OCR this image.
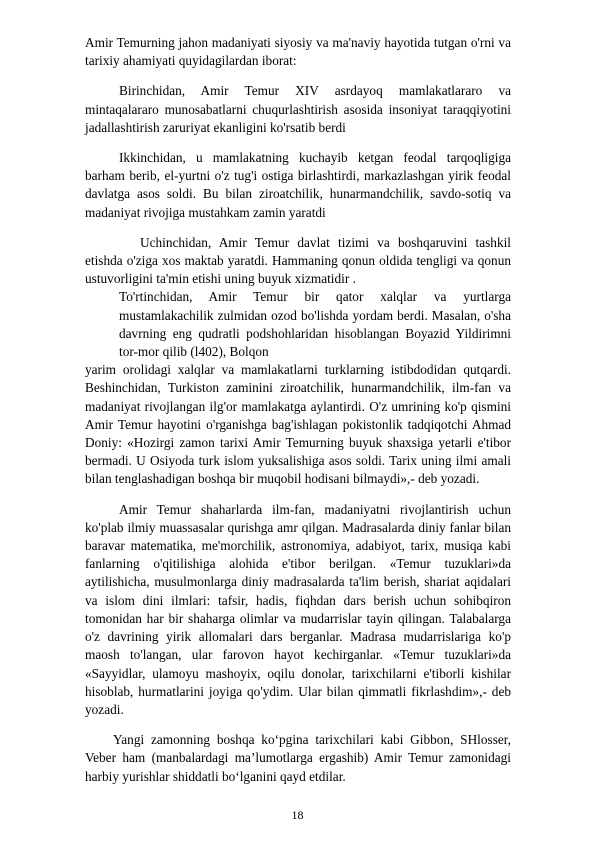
Amir Temurning jahon madaniyati siyosiy va ma'naviy hayotida tutgan o'rni va tarixiy ahamiyati quyidagilardan iborat:

Birinchidan, Amir Temur XIV asrdayoq mamlakatlararo va mintaqalararo munosabatlarni chuqurlashtirish asosida insoniyat taraqqiyotini jadallashtirish zaruriyat ekanligini ko'rsatib berdi

Ikkinchidan, u mamlakatning kuchayib ketgan feodal tarqoqligiga barham berib, el-yurtni o'z tug'i ostiga birlashtirdi, markazlashgan yirik feodal davlatga asos soldi. Bu bilan ziroatchilik, hunarmandchilik, savdo-sotiq va madaniyat rivojiga mustahkam zamin yaratdi

Uchinchidan, Amir Temur davlat tizimi va boshqaruvini tashkil etishda o'ziga xos maktab yaratdi. Hammaning qonun oldida tengligi va qonun ustuvorligini ta'min etishi uning buyuk xizmatidir .

To'rtinchidan, Amir Temur bir qator xalqlar va yurtlarga mustamlakachilik zulmidan ozod bo'lishda yordam berdi. Masalan, o'sha davrning eng qudratli podshohlaridan hisoblangan Boyazid Yildirimni tor-mor qilib (l402), Bolqon

yarim orolidagi xalqlar va mamlakatlarni turklarning istibdodidan qutqardi. Beshinchidan, Turkiston zaminini ziroatchilik, hunarmandchilik, ilm-fan va madaniyat rivojlangan ilg'or mamlakatga aylantirdi. O'z umrining ko'p qismini Amir Temur hayotini o'rganishga bag'ishlagan pokistonlik tadqiqotchi Ahmad Doniy: «Hozirgi zamon tarixi Amir Temurning buyuk shaxsiga yetarli e'tibor bermadi. U Osiyoda turk islom yuksalishiga asos soldi. Tarix uning ilmi amali bilan tenglashadigan boshqa bir muqobil hodisani bilmaydi»,- deb yozadi.

Amir Temur shaharlarda ilm-fan, madaniyatni rivojlantirish uchun ko'plab ilmiy muassasalar qurishga amr qilgan. Madrasalarda diniy fanlar bilan baravar matematika, me'morchilik, astronomiya, adabiyot, tarix, musiqa kabi fanlarning o'qitilishiga alohida e'tibor berilgan. «Temur tuzuklari»da aytilishicha, musulmonlarga diniy madrasalarda ta'lim berish, shariat aqidalari va islom dini ilmlari: tafsir, hadis, fiqhdan dars berish uchun sohibqiron tomonidan har bir shaharga olimlar va mudarrislar tayin qilingan. Talabalarga o'z davrining yirik allomalari dars berganlar. Madrasa mudarrislariga ko'p maosh to'langan, ular farovon hayot kechirganlar. «Temur tuzuklari»da «Sayyidlar, ulamoyu mashoyix, oqilu donolar, tarixchilarni e'tiborli kishilar hisoblab, hurmatlarini joyiga qo'ydim. Ular bilan qimmatli fikrlashdim»,- deb yozadi.

Yangi zamonning boshqa ko‘pgina tarixchilari kabi Gibbon, SHlosser, Veber ham (manbalardagi ma’lumotlarga ergashib) Amir Temur zamonidagi harbiy yurishlar shiddatli bo‘lganini qayd etdilar.

18
